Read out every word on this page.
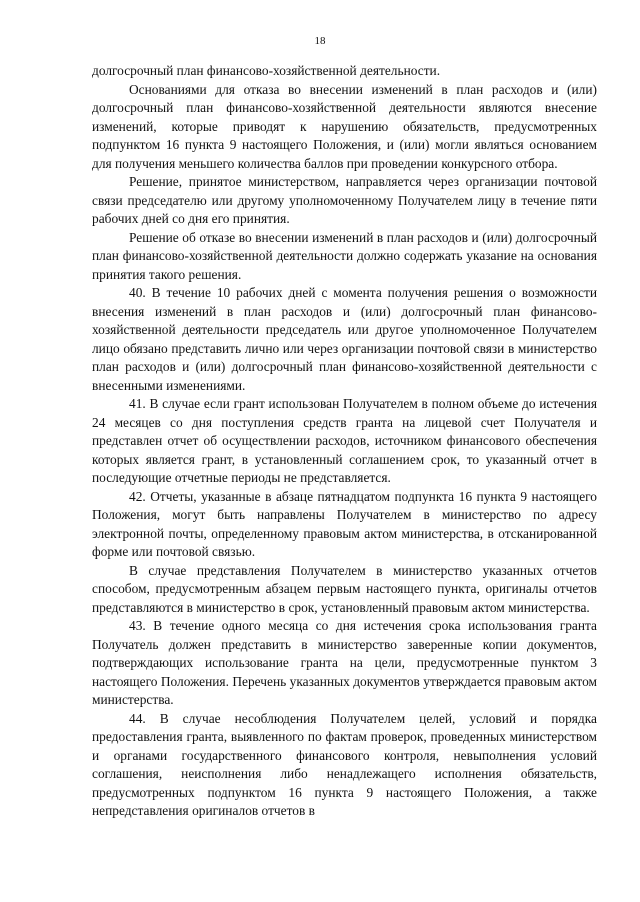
18

долгосрочный план финансово-хозяйственной деятельности.

Основаниями для отказа во внесении изменений в план расходов и (или) долгосрочный план финансово-хозяйственной деятельности являются внесение изменений, которые приводят к нарушению обязательств, предусмотренных подпунктом 16 пункта 9 настоящего Положения, и (или) могли являться основанием для получения меньшего количества баллов при проведении конкурсного отбора.

Решение, принятое министерством, направляется через организации почтовой связи председателю или другому уполномоченному Получателем лицу в течение пяти рабочих дней со дня его принятия.

Решение об отказе во внесении изменений в план расходов и (или) долгосрочный план финансово-хозяйственной деятельности должно содержать указание на основания принятия такого решения.

40. В течение 10 рабочих дней с момента получения решения о возможности внесения изменений в план расходов и (или) долгосрочный план финансово-хозяйственной деятельности председатель или другое уполномоченное Получателем лицо обязано представить лично или через организации почтовой связи в министерство план расходов и (или) долгосрочный план финансово-хозяйственной деятельности с внесенными изменениями.

41. В случае если грант использован Получателем в полном объеме до истечения 24 месяцев со дня поступления средств гранта на лицевой счет Получателя и представлен отчет об осуществлении расходов, источником финансового обеспечения которых является грант, в установленный соглашением срок, то указанный отчет в последующие отчетные периоды не представляется.

42. Отчеты, указанные в абзаце пятнадцатом подпункта 16 пункта 9 настоящего Положения, могут быть направлены Получателем в министерство по адресу электронной почты, определенному правовым актом министерства, в отсканированной форме или почтовой связью.

В случае представления Получателем в министерство указанных отчетов способом, предусмотренным абзацем первым настоящего пункта, оригиналы отчетов представляются в министерство в срок, установленный правовым актом министерства.

43. В течение одного месяца со дня истечения срока использования гранта Получатель должен представить в министерство заверенные копии документов, подтверждающих использование гранта на цели, предусмотренные пунктом 3 настоящего Положения. Перечень указанных документов утверждается правовым актом министерства.

44. В случае несоблюдения Получателем целей, условий и порядка предоставления гранта, выявленного по фактам проверок, проведенных министерством и органами государственного финансового контроля, невыполнения условий соглашения, неисполнения либо ненадлежащего исполнения обязательств, предусмотренных подпунктом 16 пункта 9 настоящего Положения, а также непредставления оригиналов отчетов в
